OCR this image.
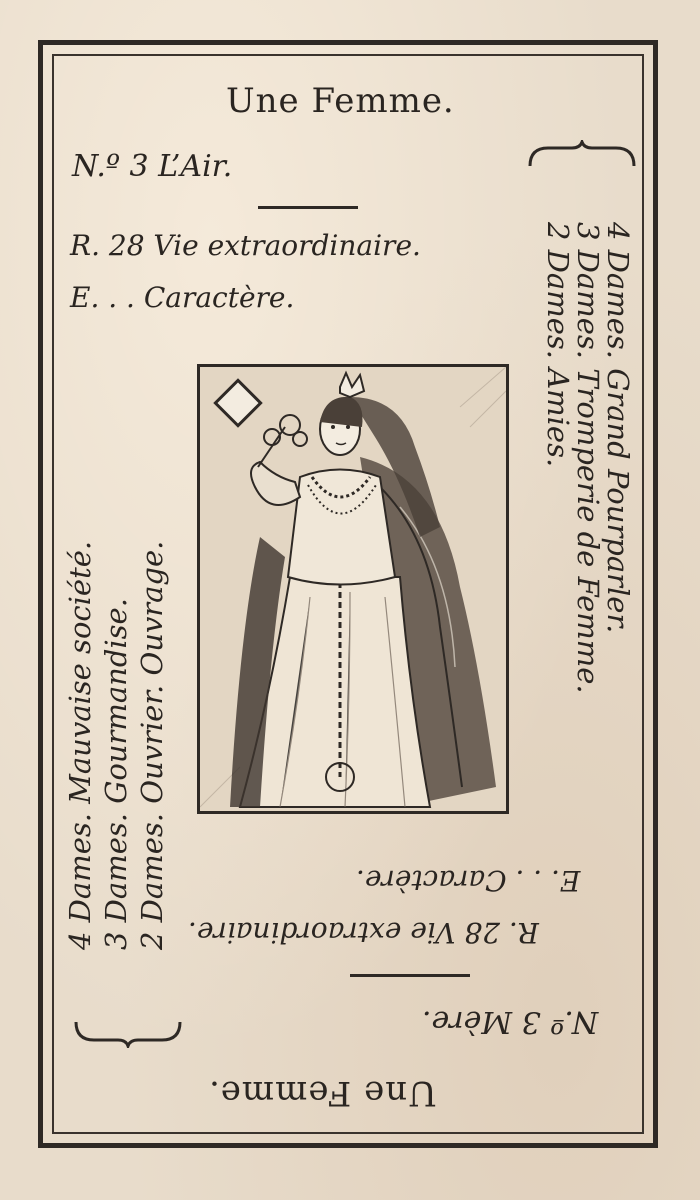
Une Femme.
N.º 3 L’Air.
R. 28 Vie extraordinaire.
E. . . Caractère.	4 Dames. Grand Pourparler.
3 Dames. Tromperie de Femme.
2 Dames. Amies.
4 Dames. Mauvaise société. 3 Dames. Gourmandise. 2 Dames. Ouvrier. Ouvrage.	E. . . Caractère.
R. 28 Vie extraordinaire.
N.º 3 Mère.
Une Femme.
